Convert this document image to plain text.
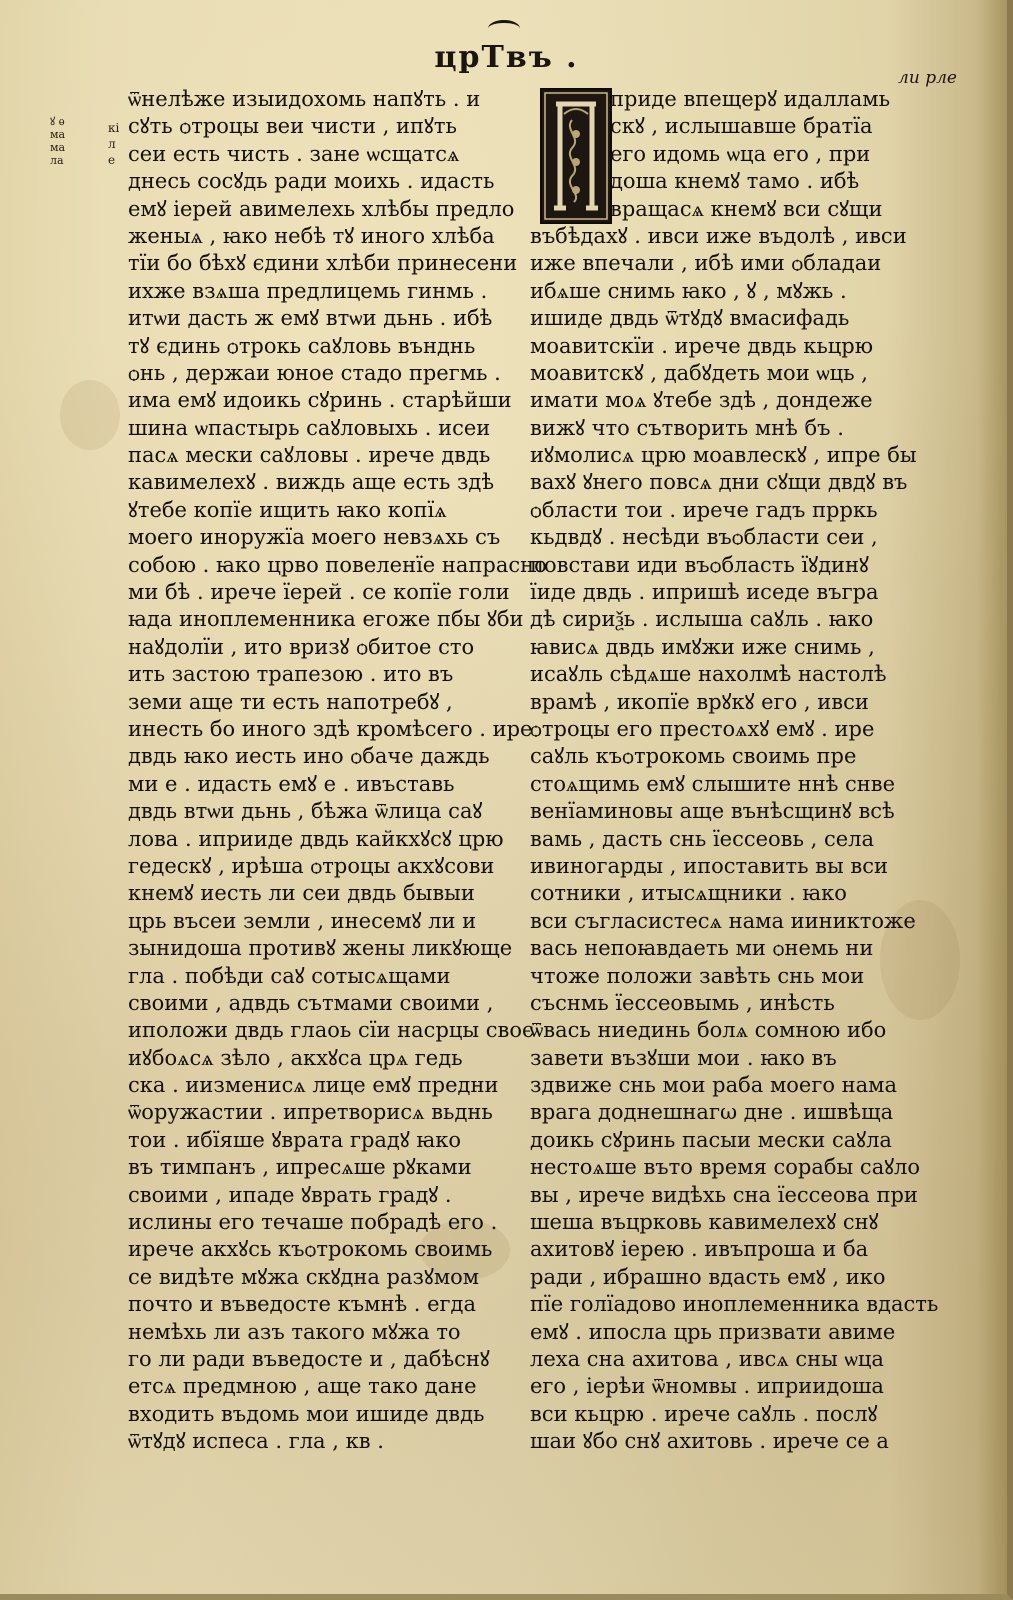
црТвъ .
ли рле
ꙋ ѳ
ма
ма
ла
кі
л
е
ѿнелѣже изыидохомь напꙋть . и
сꙋть ѻтроцы веи чисти , ипꙋть
сеи есть чисть . зане ѡсщатсѧ
днесь сосꙋдь ради моихь . идасть
емꙋ іерей авимелехь хлѣбы предло
женыѧ , ꙗко небѣ тꙋ иного хлѣба
тїи бо бѣхꙋ єдини хлѣби принесени
ихже взѧша предлицемь гинмь .
итѡи дасть ж емꙋ втѡи дьнь . ибѣ
тꙋ єдинь ѻтрокь саꙋловь вънднь
ѻнь , держаи юное стадо прегмь .
има емꙋ идоикь сꙋринь . старѣйши
шина ѡпастырь саꙋловыхь . исеи
пасѧ мески саꙋловы . ирече двдь
кавимелехꙋ . виждь аще есть здѣ
ꙋтебе копїе ищить ꙗко копїѧ
моего иноружїа моего невзѧхь съ
собою . ꙗко црво повеленїе напрасно
ми бѣ . ирече їерей . се копїе голи
ꙗда иноплеменника егоже пбы ꙋби
наꙋдолїи , ито вризꙋ ѻбитое сто
ить застою трапезою . ито въ
земи аще ти есть напотребꙋ ,
инесть бо иного здѣ кромѣсего . ире
двдь ꙗко иесть ино ѻбаче даждь
ми е . идасть емꙋ е . ивъставь
двдь втѡи дьнь , бѣжа ѿлица саꙋ
лова . иприиде двдь кайкхꙋсꙋ црю
гедескꙋ , ирѣша ѻтроцы акхꙋсови
кнемꙋ иесть ли сеи двдь бывыи
црь въсеи земли , инесемꙋ ли и
зынидоша противꙋ жены ликꙋюще
гла . побѣди саꙋ сотысѧщами
своими , адвдь сътмами своими ,
иположи двдь глаоь сїи насрцы своє
иꙋбоѧсѧ зѣло , акхꙋса црѧ гедь
ска . иизменисѧ лице емꙋ предни
ѿоружастии . ипретворисѧ вьднь
тои . ибїяше ꙋврата градꙋ ꙗко
въ тимпанъ , ипресѧше рꙋками
своими , ипаде ꙋврать градꙋ .
ислины его течаше побрадѣ его .
ирече акхꙋсь къѻтрокомь своимь
се видѣте мꙋжа скꙋдна разꙋмом
почто и въведосте къмнѣ . егда
немѣхь ли азъ такого мꙋжа то
го ли ради въведосте и , дабѣснꙋ
етсѧ предмною , аще тако дане
входить въдомь мои ишиде двдь
ѿтꙋдꙋ испеса . гла , кв .
приде впещерꙋ идалламь
скꙋ , ислышавше братїа
его идомь ѡца его , при
доша кнемꙋ тамо . ибѣ
вращасѧ кнемꙋ вси сꙋщи
въбѣдахꙋ . ивси иже въдолѣ , ивси
иже впечали , ибѣ ими ѻбладаи
ибѧше снимь ꙗко , ꙋ , мꙋжь .
ишиде двдь ѿтꙋдꙋ вмасифадь
моавитскїи . ирече двдь кьцрю
моавитскꙋ , дабꙋдеть мои ѡць ,
имати моѧ ꙋтебе здѣ , дондеже
вижꙋ что сътворить мнѣ бъ .
иꙋмолисѧ црю моавлескꙋ , ипре бы
вахꙋ ꙋнего повсѧ дни сꙋщи двдꙋ въ
ѻбласти тои . ирече гадъ прркь
кьдвдꙋ . несѣди въѻбласти сеи ,
повстави иди въѻбласть їꙋдинꙋ
їиде двдь . ипришѣ иседе въгра
дѣ сириѯь . ислыша саꙋль . ꙗко
ꙗвисѧ двдь имꙋжи иже снимь ,
исаꙋль сѣдѧше нахолмѣ настолѣ
врамѣ , икопїе врꙋкꙋ его , ивси
ѻтроцы его престоѧхꙋ емꙋ . ире
саꙋль къѻтрокомь своимь пре
стоѧщимь емꙋ слышите ннѣ снве
венїаминовы аще вънѣсщинꙋ всѣ
вамь , дасть снь їессеовь , села
ивиногарды , ипоставить вы вси
сотники , итысѧщники . ꙗко
вси съгласистесѧ нама ииниктоже
вась непоꙗвдаеть ми ѻнемь ни
чтоже положи завѣть снь мои
съснмь їессеовымь , инѣсть
ѿвась ниединь болѧ сомною ибо
завети възꙋши мои . ꙗко въ
здвиже снь мои раба моего нама
врага доднешнагω дне . ишвѣща
доикь сꙋринь пасыи мески саꙋла
нестоѧше въто время сорабы саꙋло
вы , ирече видѣхь сна їессеова при
шеша въцрковь кавимелехꙋ снꙋ
ахитовꙋ іерею . ивъпроша и ба
ради , ибрашно вдасть емꙋ , ико
пїе голїадово иноплеменника вдасть
емꙋ . ипосла црь призвати авиме
леха сна ахитова , ивсѧ сны ѡца
его , іерѣи ѿномвы . иприидоша
вси кьцрю . ирече саꙋль . послꙋ
шаи ꙋбо снꙋ ахитовь . ирече се а
